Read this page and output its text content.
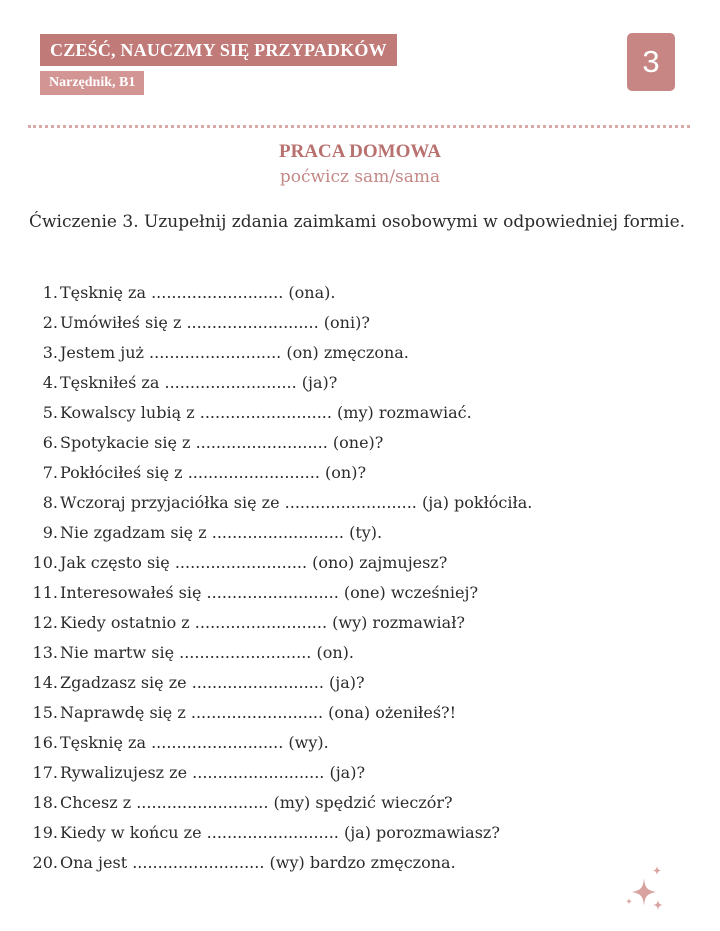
CZEŚĆ, NAUCZMY SIĘ PRZYPADKÓW
Narzędnik, B1
3
PRACA DOMOWA
poćwicz sam/sama
Ćwiczenie 3. Uzupełnij zdania zaimkami osobowymi w odpowiedniej formie.
1. Tęsknię za .......................... (ona).
2. Umówiłeś się z .......................... (oni)?
3. Jestem już .......................... (on) zmęczona.
4. Tęskniłeś za .......................... (ja)?
5. Kowalscy lubią z .......................... (my) rozmawiać.
6. Spotykacie się z .......................... (one)?
7. Pokłóciłeś się z .......................... (on)?
8. Wczoraj przyjaciółka się ze .......................... (ja) pokłóciła.
9. Nie zgadzam się z .......................... (ty).
10. Jak często się .......................... (ono) zajmujesz?
11. Interesowałeś się .......................... (one) wcześniej?
12. Kiedy ostatnio z .......................... (wy) rozmawiał?
13. Nie martw się .......................... (on).
14. Zgadzasz się ze .......................... (ja)?
15. Naprawdę się z .......................... (ona) ożeniłeś?!
16. Tęsknię za .......................... (wy).
17. Rywalizujesz ze .......................... (ja)?
18. Chcesz z .......................... (my) spędzić wieczór?
19. Kiedy w końcu ze .......................... (ja) porozmawiasz?
20. Ona jest .......................... (wy) bardzo zmęczona.
